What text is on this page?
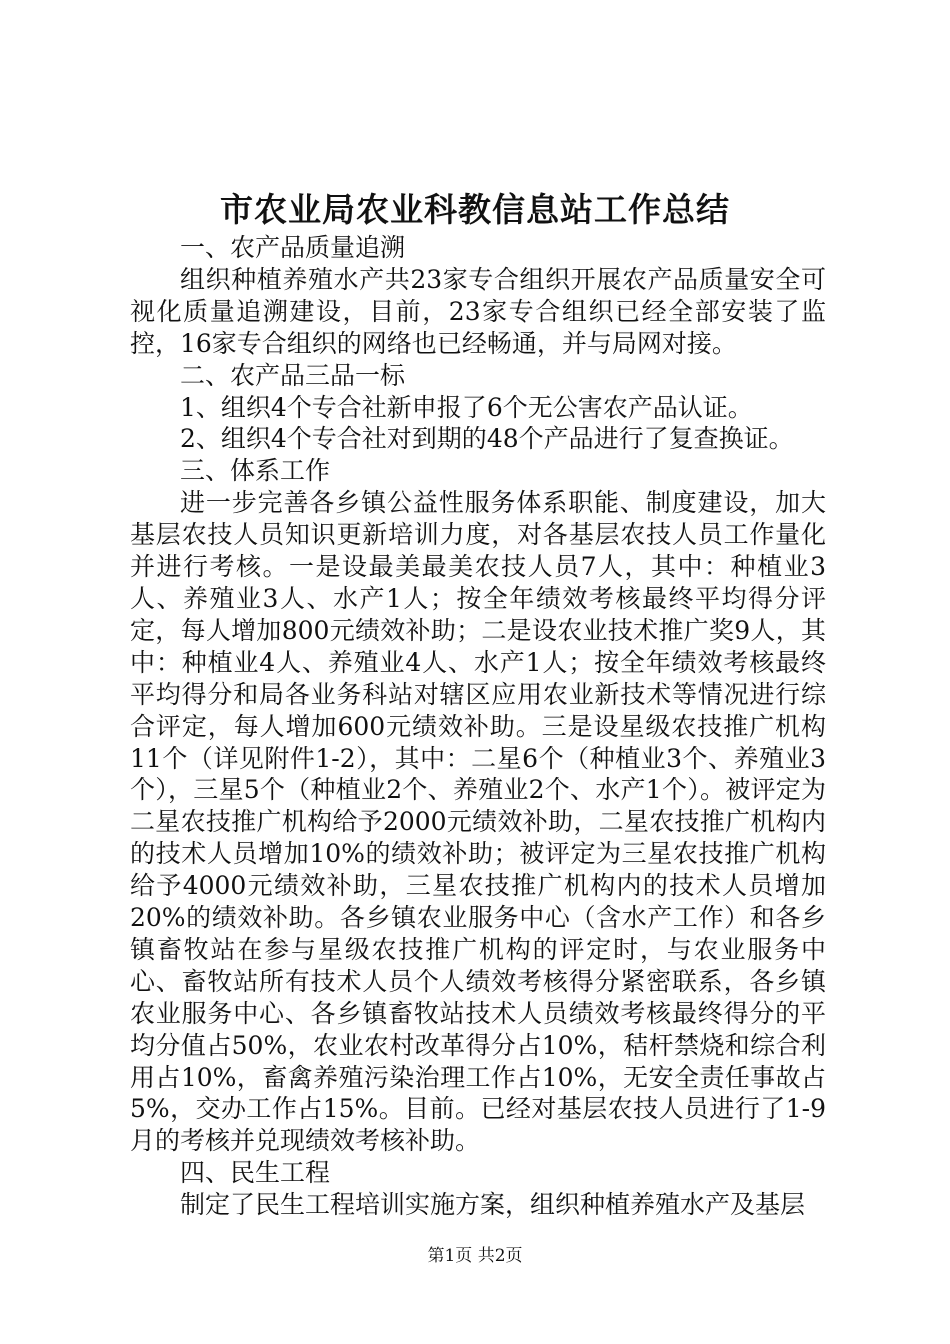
市农业局农业科教信息站工作总结

一、农产品质量追溯

组织种植养殖水产共23家专合组织开展农产品质量安全可视化质量追溯建设，目前，23家专合组织已经全部安装了监控，16家专合组织的网络也已经畅通，并与局网对接。

二、农产品三品一标

1、组织4个专合社新申报了6个无公害农产品认证。

2、组织4个专合社对到期的48个产品进行了复查换证。

三、体系工作

进一步完善各乡镇公益性服务体系职能、制度建设，加大基层农技人员知识更新培训力度，对各基层农技人员工作量化并进行考核。一是设最美最美农技人员7人，其中：种植业3人、养殖业3人、水产1人；按全年绩效考核最终平均得分评定，每人增加800元绩效补助；二是设农业技术推广奖9人，其中：种植业4人、养殖业4人、水产1人；按全年绩效考核最终平均得分和局各业务科站对辖区应用农业新技术等情况进行综合评定，每人增加600元绩效补助。三是设星级农技推广机构11个（详见附件1-2），其中：二星6个（种植业3个、养殖业3个），三星5个（种植业2个、养殖业2个、水产1个）。被评定为二星农技推广机构给予2000元绩效补助，二星农技推广机构内的技术人员增加10%的绩效补助；被评定为三星农技推广机构给予4000元绩效补助，三星农技推广机构内的技术人员增加20%的绩效补助。各乡镇农业服务中心（含水产工作）和各乡镇畜牧站在参与星级农技推广机构的评定时，与农业服务中心、畜牧站所有技术人员个人绩效考核得分紧密联系，各乡镇农业服务中心、各乡镇畜牧站技术人员绩效考核最终得分的平均分值占50%，农业农村改革得分占10%，秸杆禁烧和综合利用占10%，畜禽养殖污染治理工作占10%，无安全责任事故占5%，交办工作占15%。目前。已经对基层农技人员进行了1-9月的考核并兑现绩效考核补助。

四、民生工程

制定了民生工程培训实施方案，组织种植养殖水产及基层

第1页 共2页
